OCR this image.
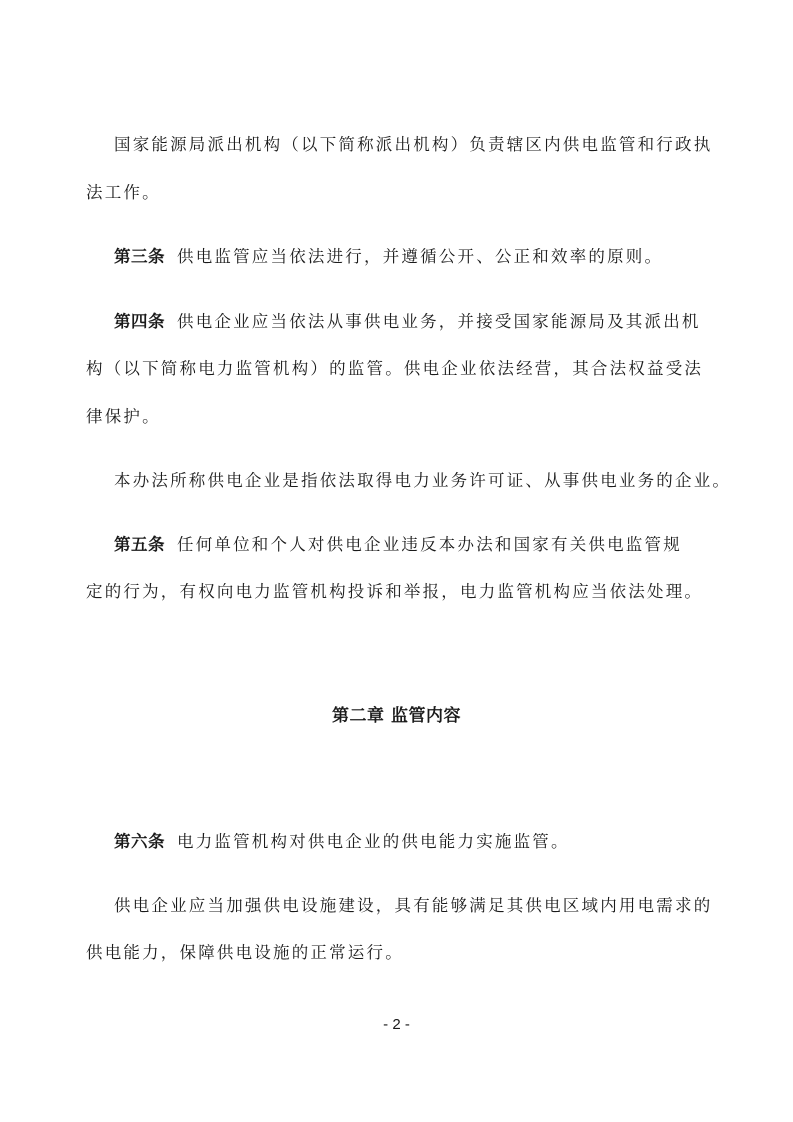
国家能源局派出机构（以下简称派出机构）负责辖区内供电监管和行政执
法工作。
第三条 供电监管应当依法进行，并遵循公开、公正和效率的原则。
第四条 供电企业应当依法从事供电业务，并接受国家能源局及其派出机
构（以下简称电力监管机构）的监管。供电企业依法经营，其合法权益受法
律保护。
本办法所称供电企业是指依法取得电力业务许可证、从事供电业务的企业。
第五条 任何单位和个人对供电企业违反本办法和国家有关供电监管规
定的行为，有权向电力监管机构投诉和举报，电力监管机构应当依法处理。
第二章 监管内容
第六条 电力监管机构对供电企业的供电能力实施监管。
供电企业应当加强供电设施建设，具有能够满足其供电区域内用电需求的
供电能力，保障供电设施的正常运行。
- 2 -
